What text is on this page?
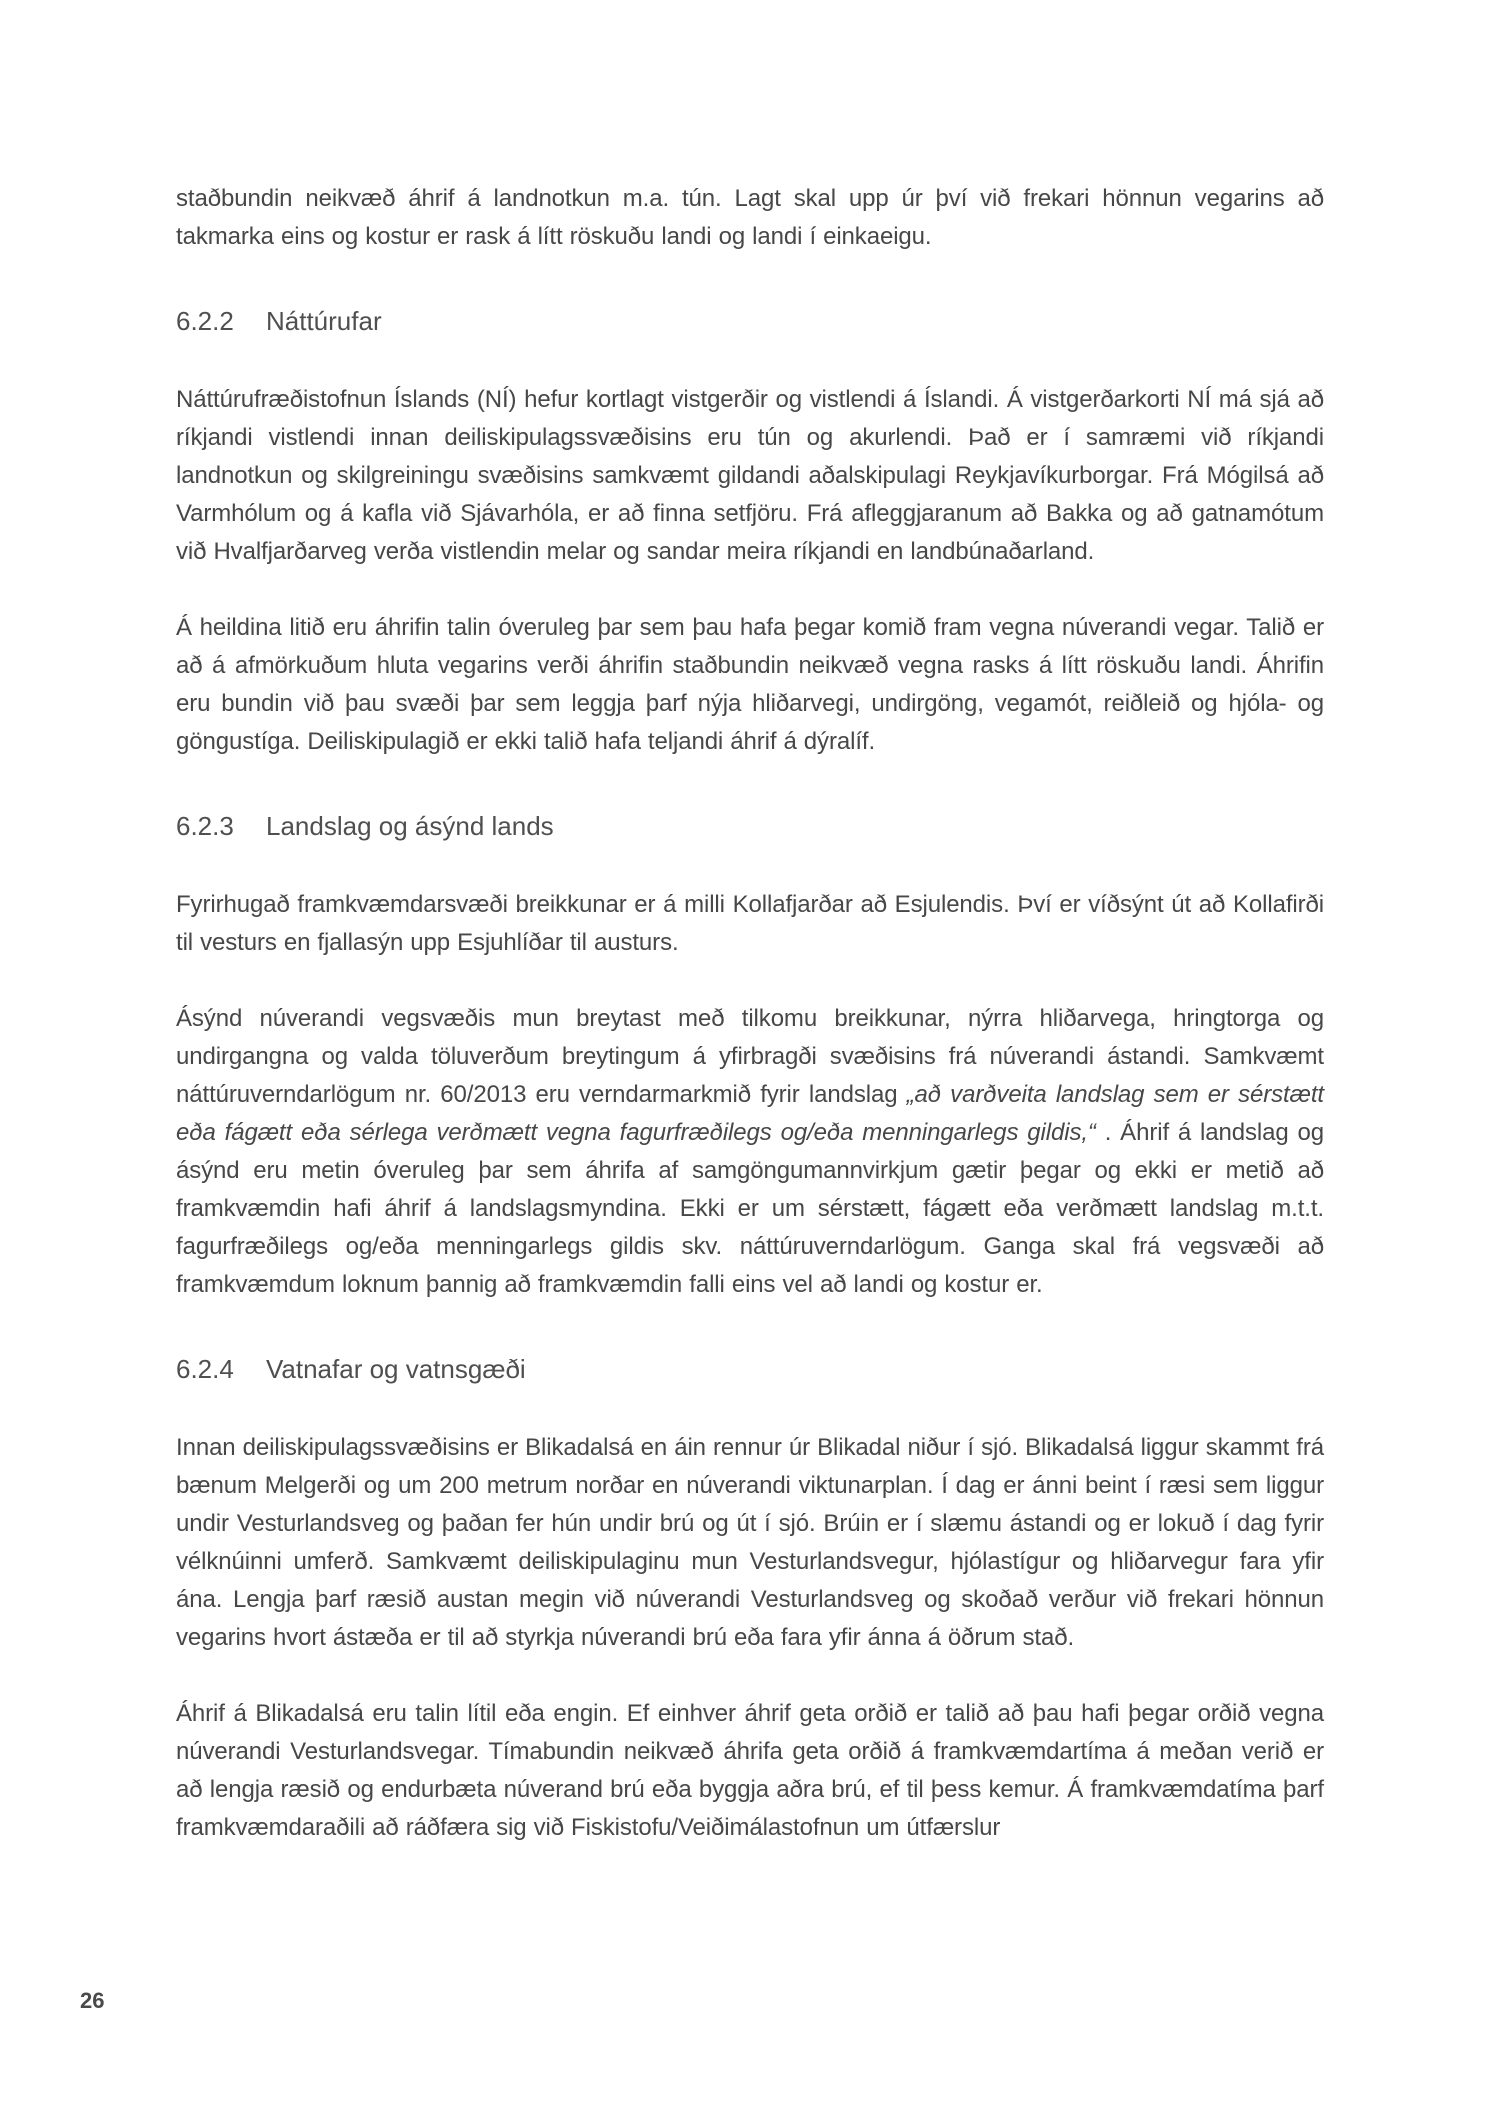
staðbundin neikvæð áhrif á landnotkun m.a. tún. Lagt skal upp úr því við frekari hönnun vegarins að takmarka eins og kostur er rask á lítt röskuðu landi og landi í einkaeigu.

6.2.2 Náttúrufar

Náttúrufræðistofnun Íslands (NÍ) hefur kortlagt vistgerðir og vistlendi á Íslandi. Á vistgerðarkorti NÍ má sjá að ríkjandi vistlendi innan deiliskipulagssvæðisins eru tún og akurlendi. Það er í samræmi við ríkjandi landnotkun og skilgreiningu svæðisins samkvæmt gildandi aðalskipulagi Reykjavíkurborgar. Frá Mógilsá að Varmhólum og á kafla við Sjávarhóla, er að finna setfjöru. Frá afleggjaranum að Bakka og að gatnamótum við Hvalfjarðarveg verða vistlendin melar og sandar meira ríkjandi en landbúnaðarland.

Á heildina litið eru áhrifin talin óveruleg þar sem þau hafa þegar komið fram vegna núverandi vegar. Talið er að á afmörkuðum hluta vegarins verði áhrifin staðbundin neikvæð vegna rasks á lítt röskuðu landi. Áhrifin eru bundin við þau svæði þar sem leggja þarf nýja hliðarvegi, undirgöng, vegamót, reiðleið og hjóla- og göngustíga. Deiliskipulagið er ekki talið hafa teljandi áhrif á dýralíf.

6.2.3 Landslag og ásýnd lands

Fyrirhugað framkvæmdarsvæði breikkunar er á milli Kollafjarðar að Esjulendis. Því er víðsýnt út að Kollafirði til vesturs en fjallasýn upp Esjuhlíðar til austurs.

Ásýnd núverandi vegsvæðis mun breytast með tilkomu breikkunar, nýrra hliðarvega, hringtorga og undirgangna og valda töluverðum breytingum á yfirbragði svæðisins frá núverandi ástandi. Samkvæmt náttúruverndarlögum nr. 60/2013 eru verndarmarkmið fyrir landslag „að varðveita landslag sem er sérstætt eða fágætt eða sérlega verðmætt vegna fagurfræðilegs og/eða menningarlegs gildis,“ . Áhrif á landslag og ásýnd eru metin óveruleg þar sem áhrifa af samgöngumannvirkjum gætir þegar og ekki er metið að framkvæmdin hafi áhrif á landslagsmyndina. Ekki er um sérstætt, fágætt eða verðmætt landslag m.t.t. fagurfræðilegs og/eða menningarlegs gildis skv. náttúruverndarlögum. Ganga skal frá vegsvæði að framkvæmdum loknum þannig að framkvæmdin falli eins vel að landi og kostur er.

6.2.4 Vatnafar og vatnsgæði

Innan deiliskipulagssvæðisins er Blikadalsá en áin rennur úr Blikadal niður í sjó. Blikadalsá liggur skammt frá bænum Melgerði og um 200 metrum norðar en núverandi viktunarplan. Í dag er ánni beint í ræsi sem liggur undir Vesturlandsveg og þaðan fer hún undir brú og út í sjó. Brúin er í slæmu ástandi og er lokuð í dag fyrir vélknúinni umferð. Samkvæmt deiliskipulaginu mun Vesturlandsvegur, hjólastígur og hliðarvegur fara yfir ána. Lengja þarf ræsið austan megin við núverandi Vesturlandsveg og skoðað verður við frekari hönnun vegarins hvort ástæða er til að styrkja núverandi brú eða fara yfir ánna á öðrum stað.

Áhrif á Blikadalsá eru talin lítil eða engin. Ef einhver áhrif geta orðið er talið að þau hafi þegar orðið vegna núverandi Vesturlandsvegar. Tímabundin neikvæð áhrifa geta orðið á framkvæmdartíma á meðan verið er að lengja ræsið og endurbæta núverand brú eða byggja aðra brú, ef til þess kemur. Á framkvæmdatíma þarf framkvæmdaraðili að ráðfæra sig við Fiskistofu/Veiðimálastofnun um útfærslur

26
